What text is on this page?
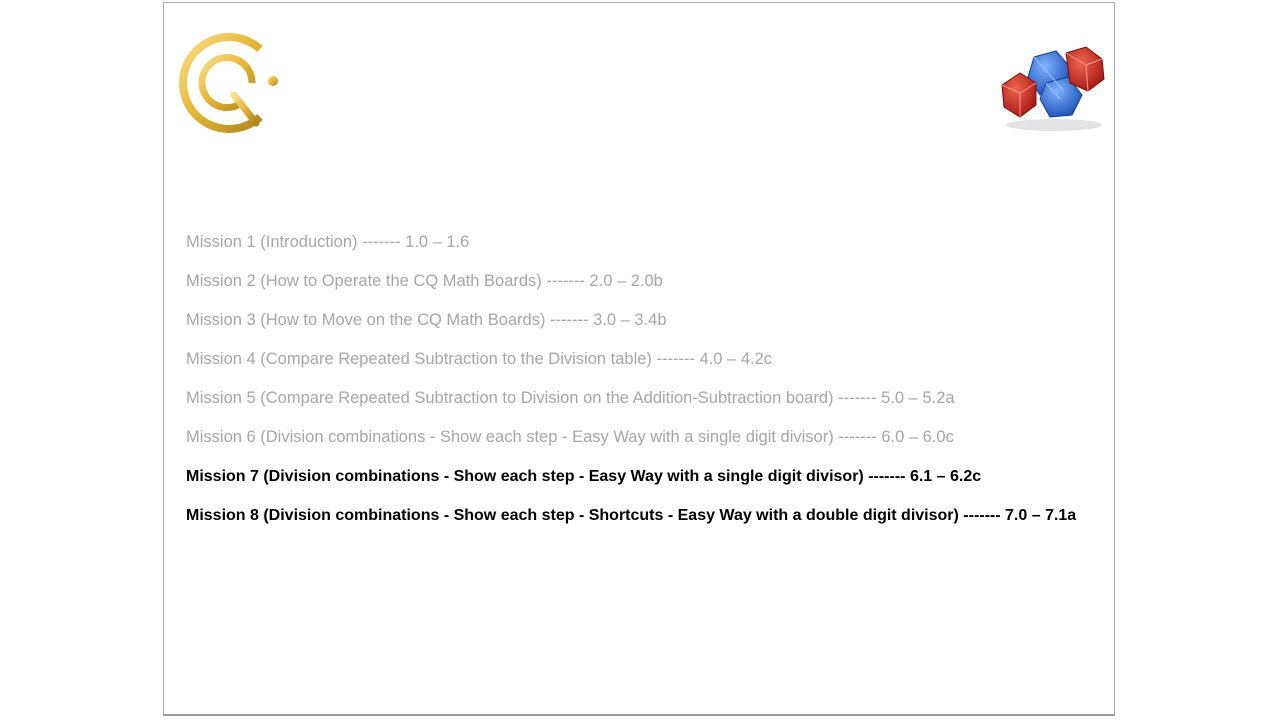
Mission 1 (Introduction) ------- 1.0 – 1.6
Mission 2 (How to Operate the CQ Math Boards) ------- 2.0 – 2.0b
Mission 3 (How to Move on the CQ Math Boards) ------- 3.0 – 3.4b
Mission 4 (Compare Repeated Subtraction to the Division table) ------- 4.0 – 4.2c
Mission 5 (Compare Repeated Subtraction to Division on the Addition-Subtraction board) ------- 5.0 – 5.2a
Mission 6 (Division combinations - Show each step - Easy Way with a single digit divisor) ------- 6.0 – 6.0c
Mission 7 (Division combinations - Show each step - Easy Way with a single digit divisor) ------- 6.1 – 6.2c
Mission 8 (Division combinations - Show each step - Shortcuts - Easy Way with a double digit divisor) ------- 7.0 – 7.1a
